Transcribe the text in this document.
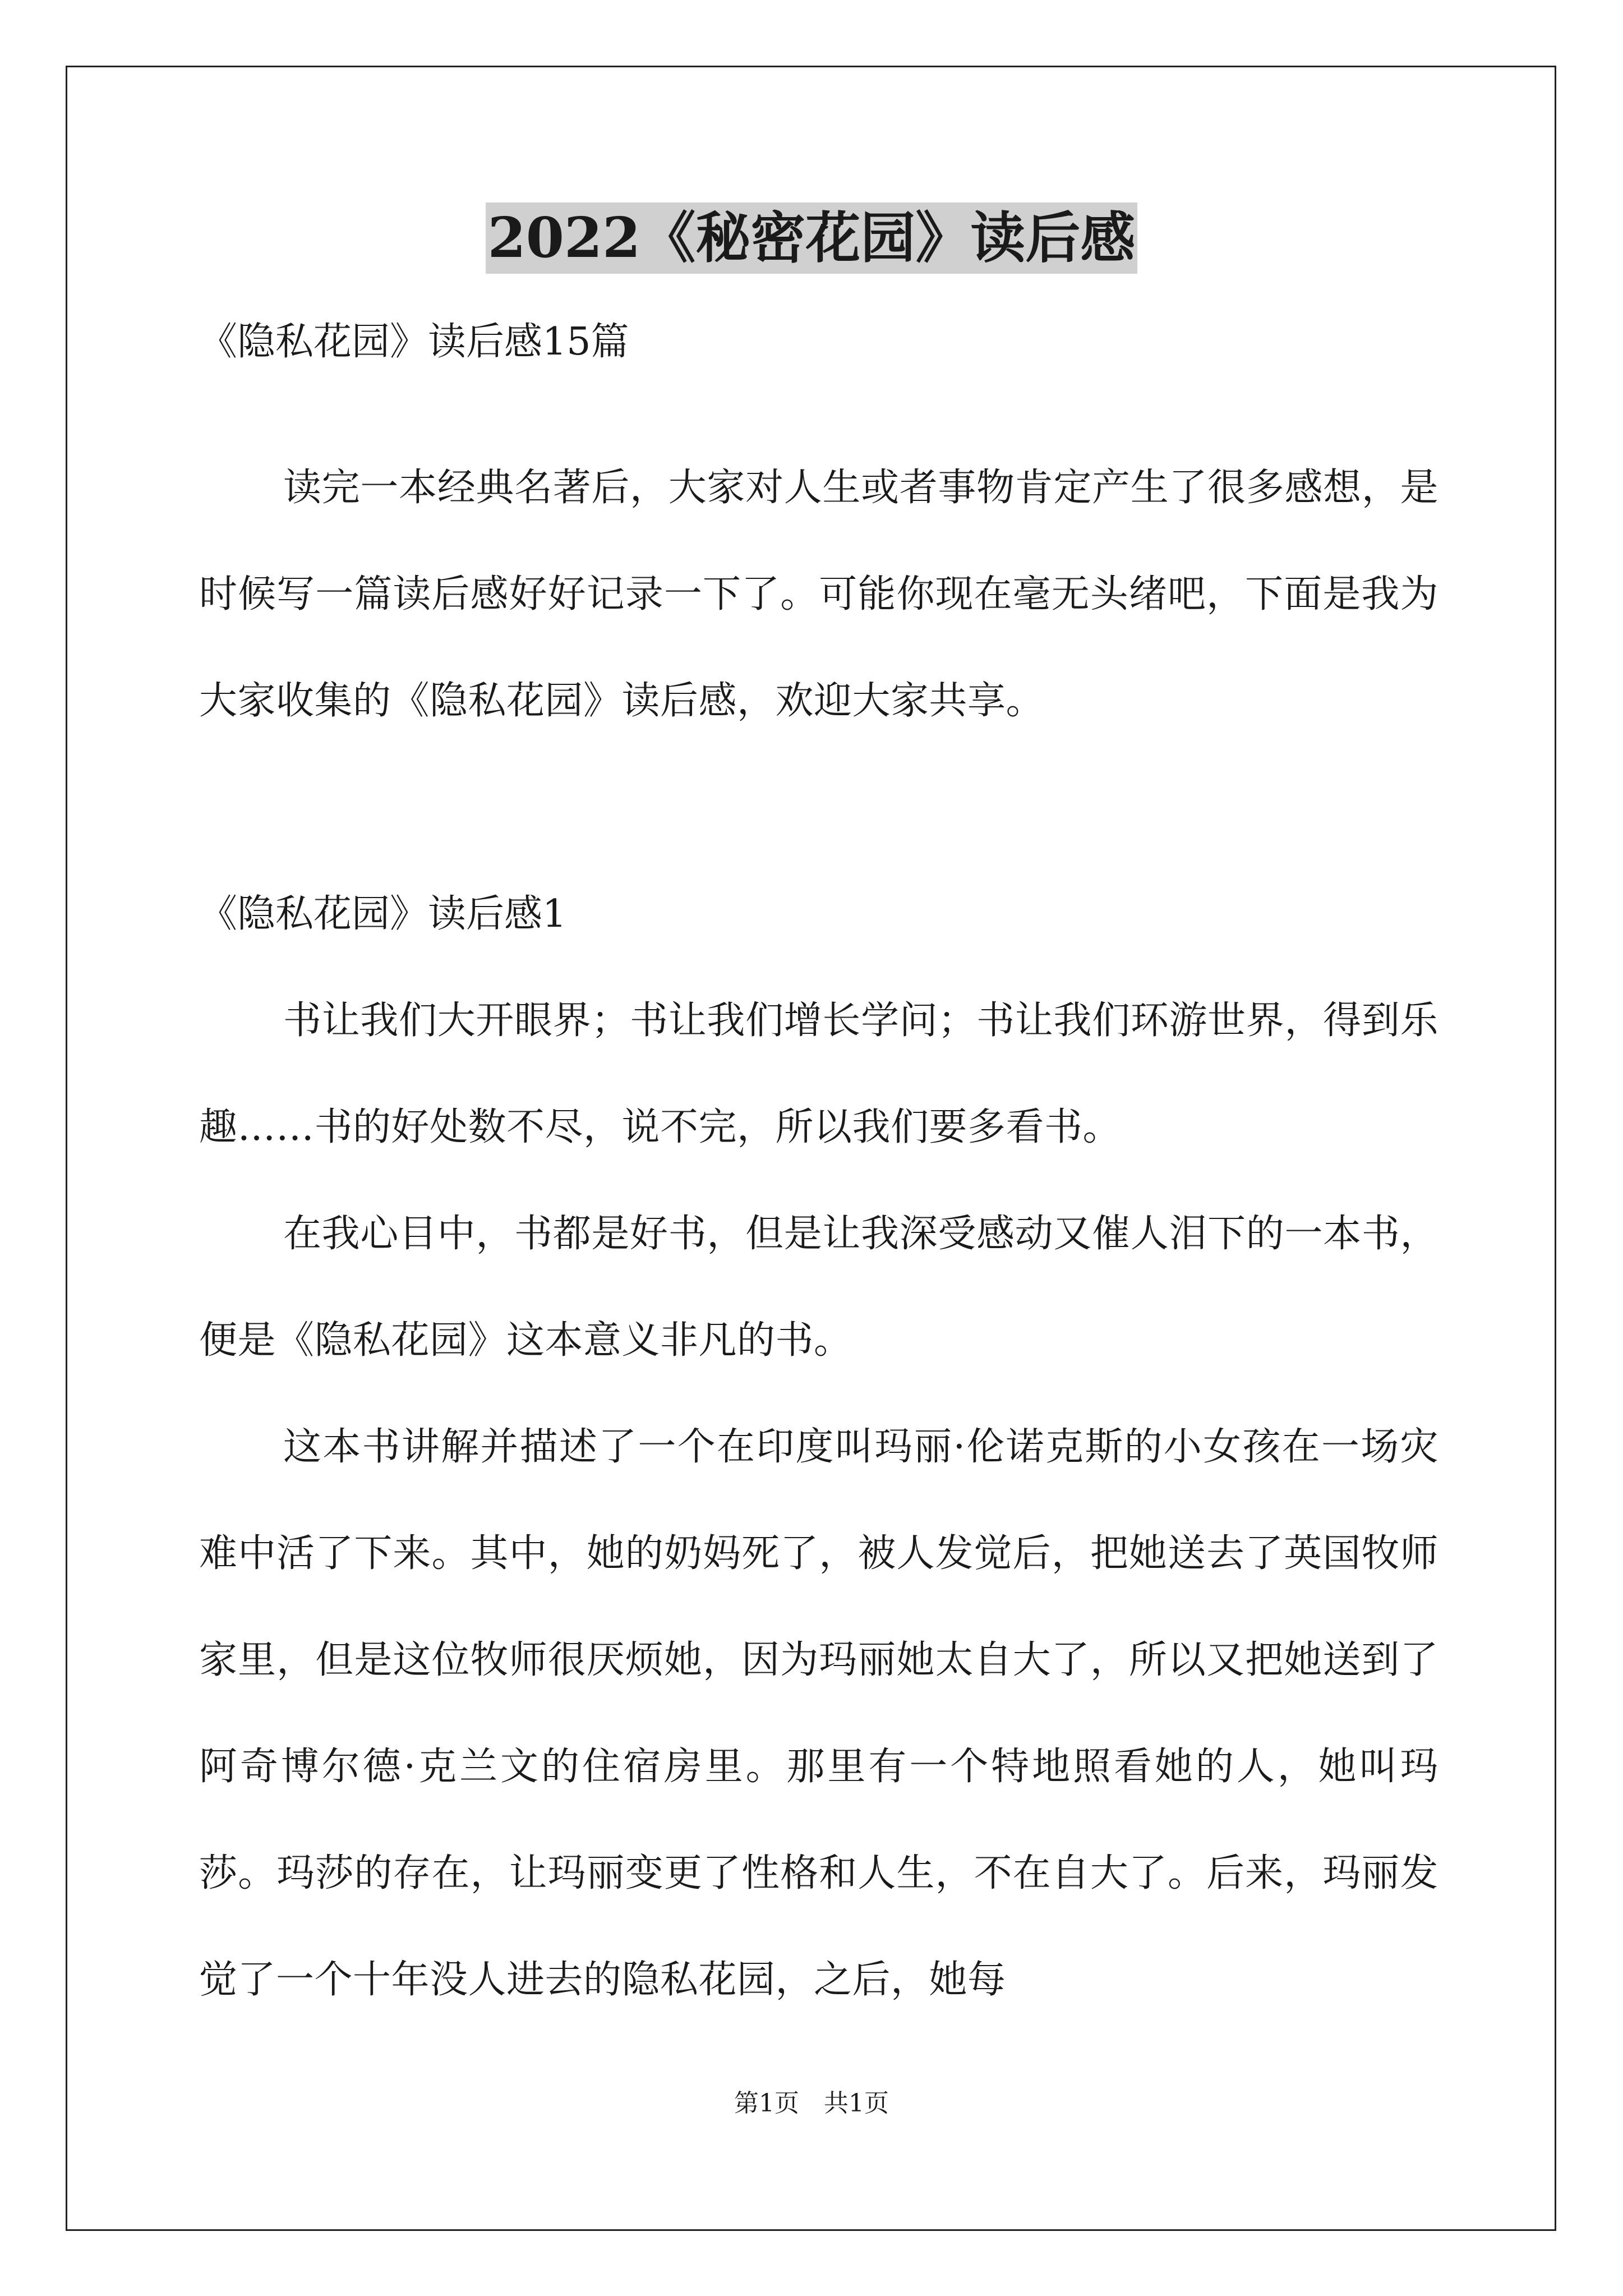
2022《秘密花园》读后感
《隐私花园》读后感15篇

读完一本经典名著后，大家对人生或者事物肯定产生了很多感想，是时候写一篇读后感好好记录一下了。可能你现在毫无头绪吧，下面是我为大家收集的《隐私花园》读后感，欢迎大家共享。

《隐私花园》读后感1

书让我们大开眼界；书让我们增长学问；书让我们环游世界，得到乐趣……书的好处数不尽，说不完，所以我们要多看书。

在我心目中，书都是好书，但是让我深受感动又催人泪下的一本书，便是《隐私花园》这本意义非凡的书。

这本书讲解并描述了一个在印度叫玛丽·伦诺克斯的小女孩在一场灾难中活了下来。其中，她的奶妈死了，被人发觉后，把她送去了英国牧师家里，但是这位牧师很厌烦她，因为玛丽她太自大了，所以又把她送到了阿奇博尔德·克兰文的住宿房里。那里有一个特地照看她的人，她叫玛莎。玛莎的存在，让玛丽变更了性格和人生，不在自大了。后来，玛丽发觉了一个十年没人进去的隐私花园，之后，她每

第1页　共1页
